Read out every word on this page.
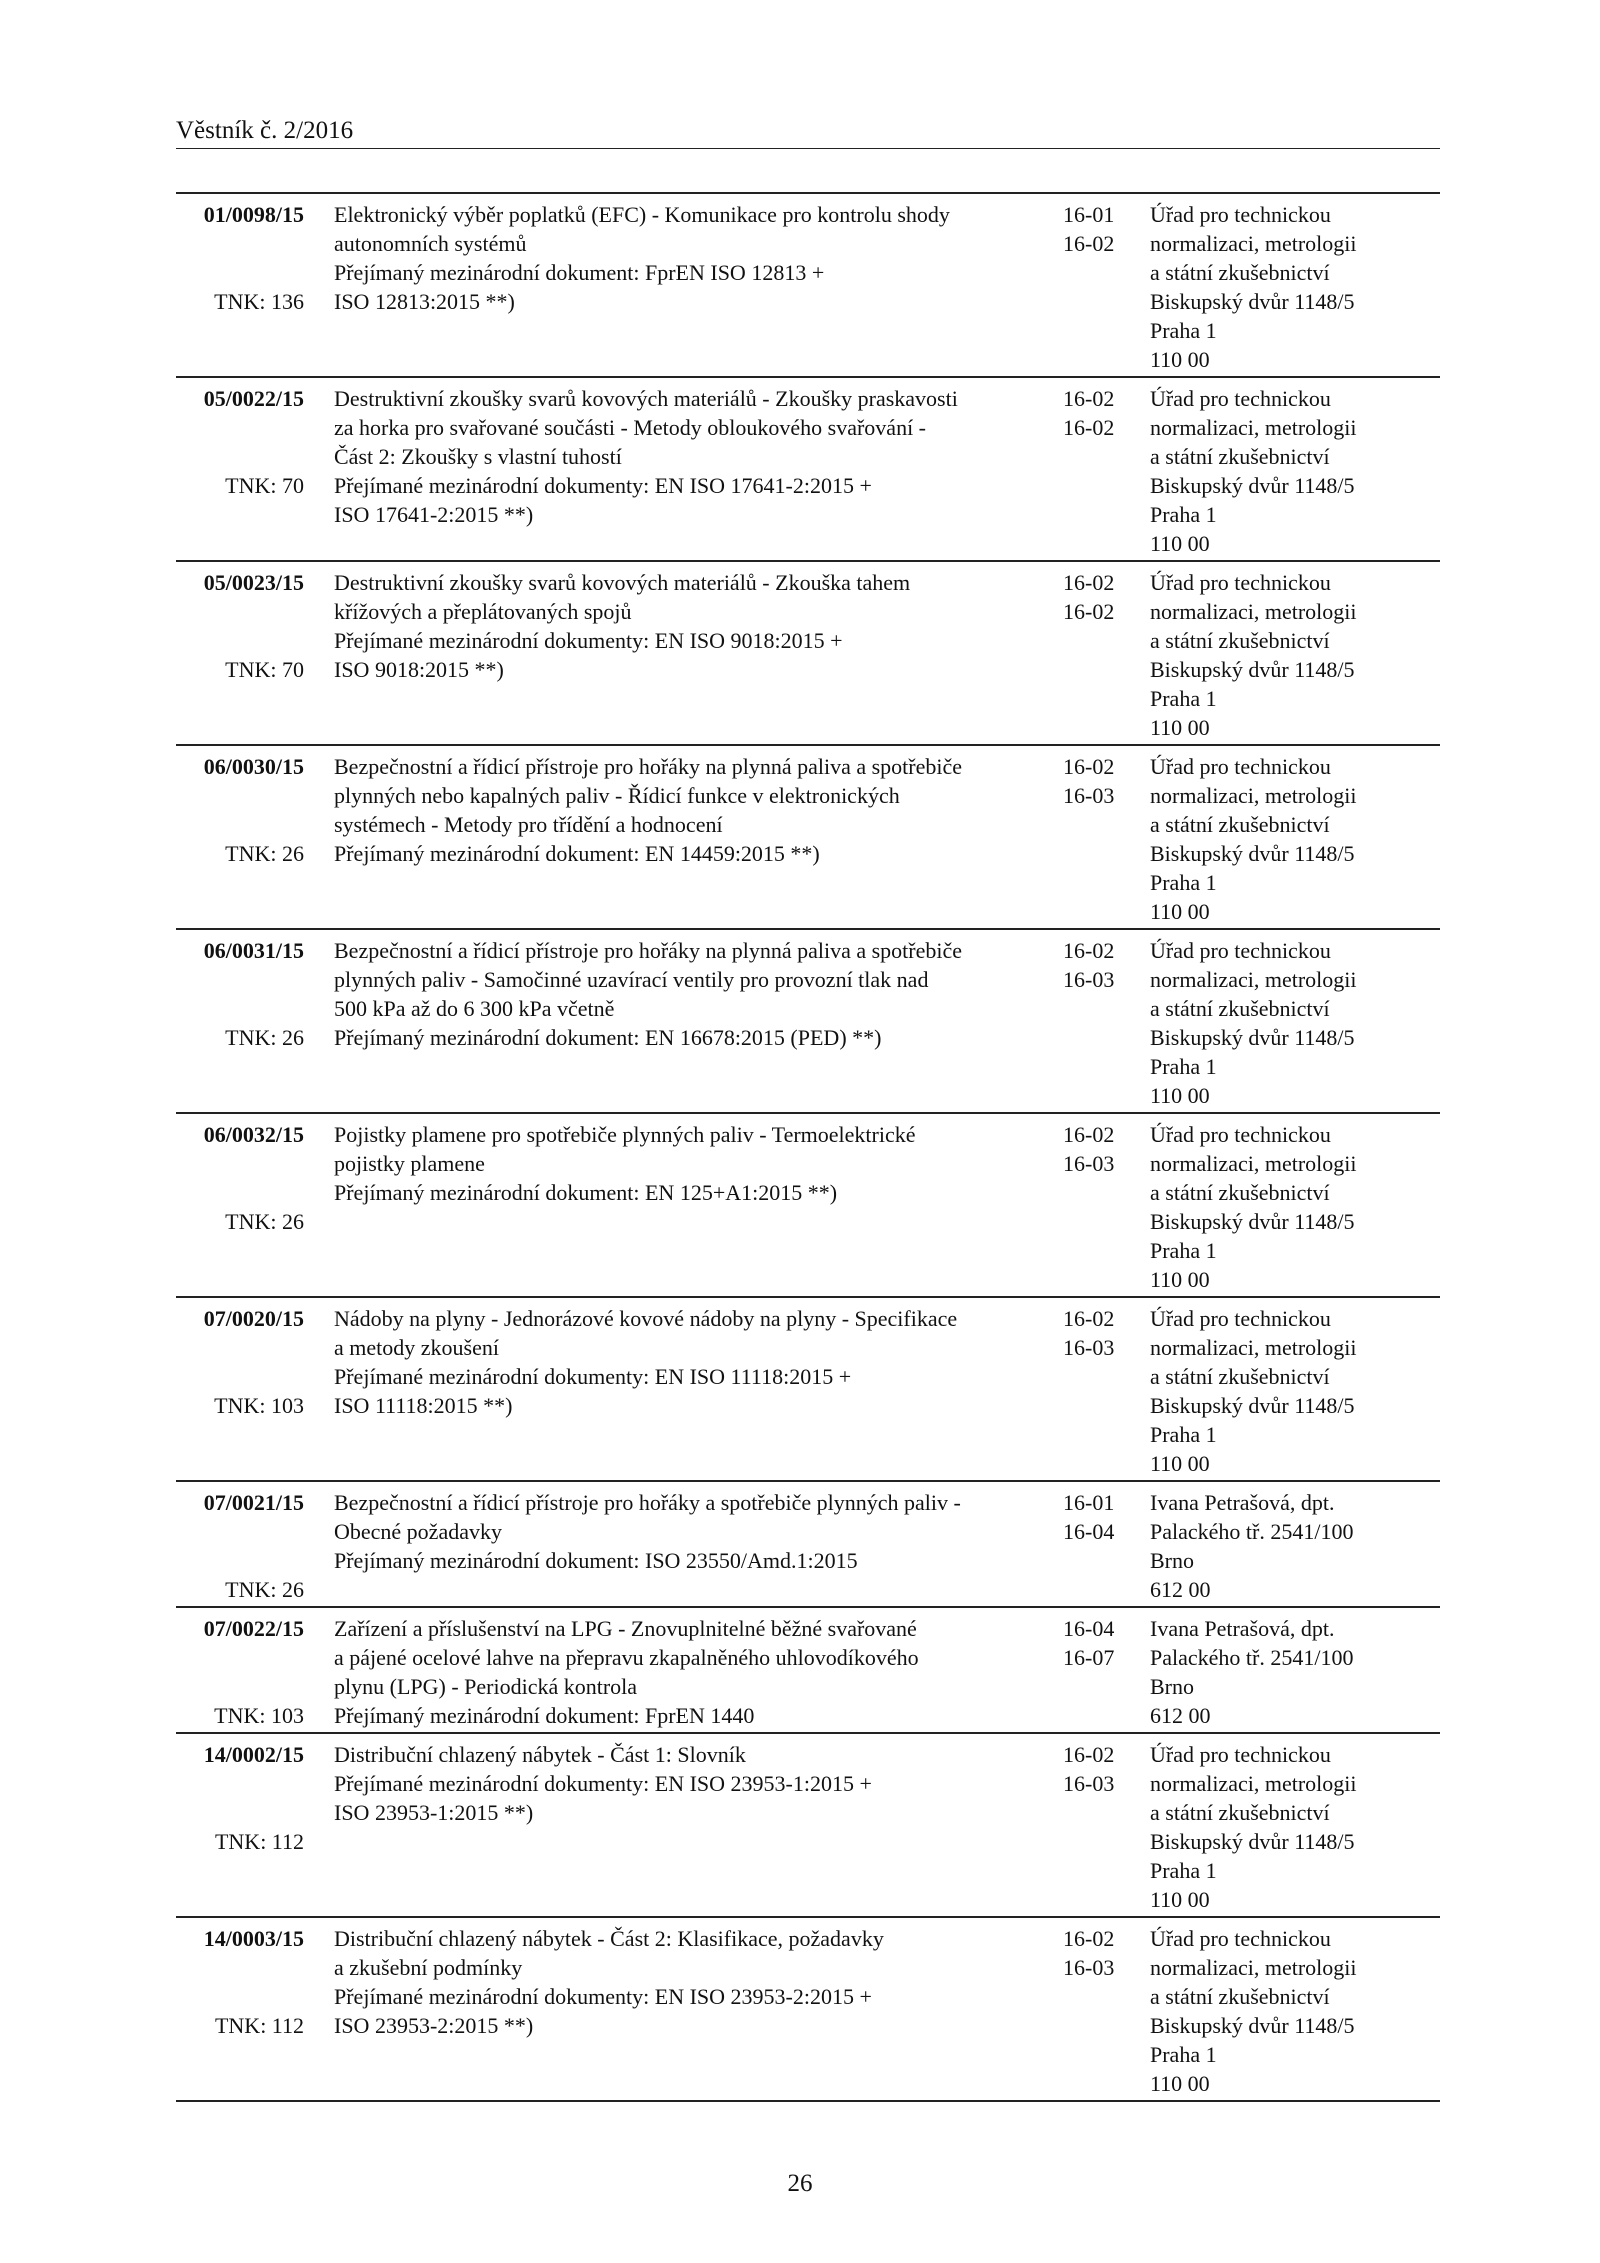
Věstník č. 2/2016
01/0098/15 Elektronický výběr poplatků (EFC) - Komunikace pro kontrolu shody
autonomních systémů
Přejímaný mezinárodní dokument: FprEN ISO 12813 +
ISO 12813:2015 **)
16-01
16-02
Úřad pro technickou
normalizaci, metrologii
a státní zkušebnictví
Biskupský dvůr 1148/5
Praha 1
110 00
TNK: 136
05/0022/15 Destruktivní zkoušky svarů kovových materiálů - Zkoušky praskavosti
za horka pro svařované součásti - Metody obloukového svařování -
Část 2: Zkoušky s vlastní tuhostí
Přejímané mezinárodní dokumenty: EN ISO 17641-2:2015 +
ISO 17641-2:2015 **)
16-02
16-02
Úřad pro technickou
normalizaci, metrologii
a státní zkušebnictví
Biskupský dvůr 1148/5
Praha 1
110 00
TNK: 70
05/0023/15 Destruktivní zkoušky svarů kovových materiálů - Zkouška tahem
křížových a přeplátovaných spojů
Přejímané mezinárodní dokumenty: EN ISO 9018:2015 +
ISO 9018:2015 **)
16-02
16-02
Úřad pro technickou
normalizaci, metrologii
a státní zkušebnictví
Biskupský dvůr 1148/5
Praha 1
110 00
TNK: 70
06/0030/15 Bezpečnostní a řídicí přístroje pro hořáky na plynná paliva a spotřebiče
plynných nebo kapalných paliv - Řídicí funkce v elektronických
systémech - Metody pro třídění a hodnocení
Přejímaný mezinárodní dokument: EN 14459:2015 **)
16-02
16-03
Úřad pro technickou
normalizaci, metrologii
a státní zkušebnictví
Biskupský dvůr 1148/5
Praha 1
110 00
TNK: 26
06/0031/15 Bezpečnostní a řídicí přístroje pro hořáky na plynná paliva a spotřebiče
plynných paliv - Samočinné uzavírací ventily pro provozní tlak nad
500 kPa až do 6 300 kPa včetně
Přejímaný mezinárodní dokument: EN 16678:2015 (PED) **)
16-02
16-03
Úřad pro technickou
normalizaci, metrologii
a státní zkušebnictví
Biskupský dvůr 1148/5
Praha 1
110 00
TNK: 26
06/0032/15 Pojistky plamene pro spotřebiče plynných paliv - Termoelektrické
pojistky plamene
Přejímaný mezinárodní dokument: EN 125+A1:2015 **)
16-02
16-03
Úřad pro technickou
normalizaci, metrologii
a státní zkušebnictví
Biskupský dvůr 1148/5
Praha 1
110 00
TNK: 26
07/0020/15 Nádoby na plyny - Jednorázové kovové nádoby na plyny - Specifikace
a metody zkoušení
Přejímané mezinárodní dokumenty: EN ISO 11118:2015 +
ISO 11118:2015 **)
16-02
16-03
Úřad pro technickou
normalizaci, metrologii
a státní zkušebnictví
Biskupský dvůr 1148/5
Praha 1
110 00
TNK: 103
07/0021/15 Bezpečnostní a řídicí přístroje pro hořáky a spotřebiče plynných paliv -
Obecné požadavky
Přejímaný mezinárodní dokument: ISO 23550/Amd.1:2015
16-01
16-04
Ivana Petrašová, dpt.
Palackého tř. 2541/100
Brno
612 00
TNK: 26
07/0022/15 Zařízení a příslušenství na LPG - Znovuplnitelné běžné svařované
a pájené ocelové lahve na přepravu zkapalněného uhlovodíkového
plynu (LPG) - Periodická kontrola
Přejímaný mezinárodní dokument: FprEN 1440
16-04
16-07
Ivana Petrašová, dpt.
Palackého tř. 2541/100
Brno
612 00
TNK: 103
14/0002/15 Distribuční chlazený nábytek - Část 1: Slovník
Přejímané mezinárodní dokumenty: EN ISO 23953-1:2015 +
ISO 23953-1:2015 **)
16-02
16-03
Úřad pro technickou
normalizaci, metrologii
a státní zkušebnictví
Biskupský dvůr 1148/5
Praha 1
110 00
TNK: 112
14/0003/15 Distribuční chlazený nábytek - Část 2: Klasifikace, požadavky
a zkušební podmínky
Přejímané mezinárodní dokumenty: EN ISO 23953-2:2015 +
ISO 23953-2:2015 **)
16-02
16-03
Úřad pro technickou
normalizaci, metrologii
a státní zkušebnictví
Biskupský dvůr 1148/5
Praha 1
110 00
TNK: 112
26
